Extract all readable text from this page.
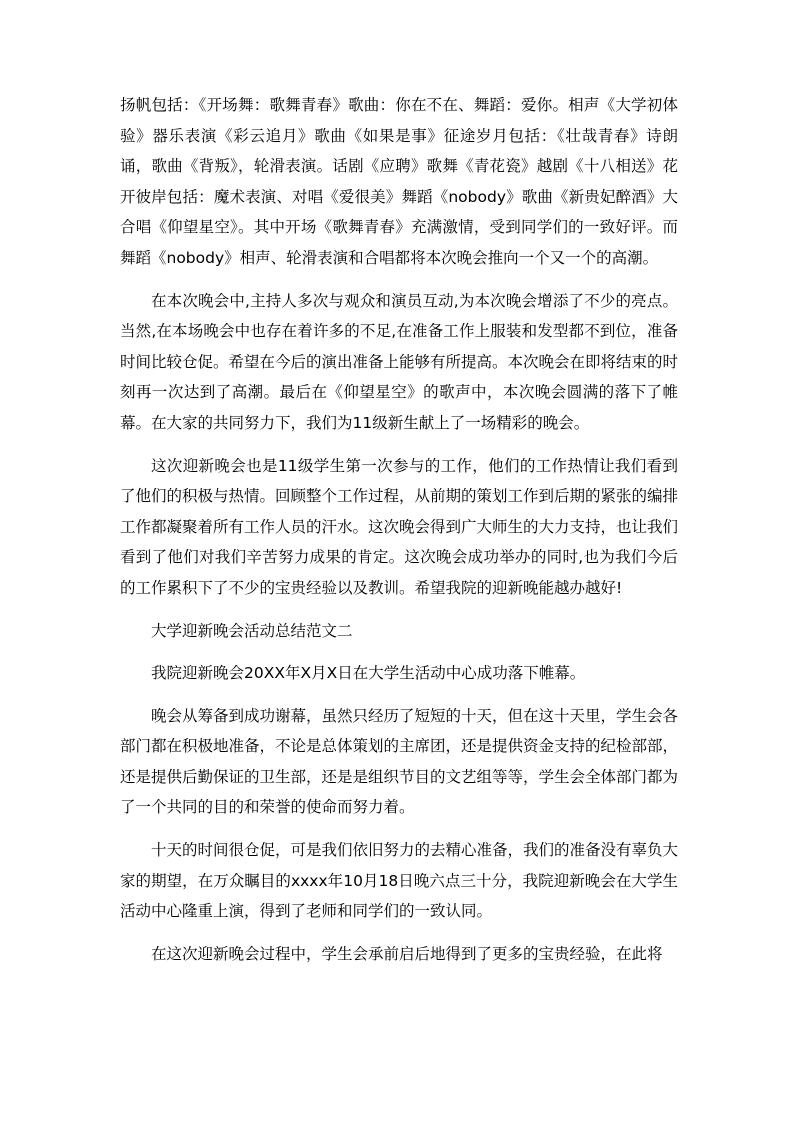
扬帆包括：《开场舞：歌舞青春》歌曲：你在不在、舞蹈：爱你。相声《大学初体验》器乐表演《彩云追月》歌曲《如果是事》征途岁月包括：《壮哉青春》诗朗诵，歌曲《背叛》，轮滑表演。话剧《应聘》歌舞《青花瓷》越剧《十八相送》花开彼岸包括：魔术表演、对唱《爱很美》舞蹈《nobody》歌曲《新贵妃醉酒》大合唱《仰望星空》。其中开场《歌舞青春》充满激情，受到同学们的一致好评。而舞蹈《nobody》相声、轮滑表演和合唱都将本次晚会推向一个又一个的高潮。

在本次晚会中,主持人多次与观众和演员互动,为本次晚会增添了不少的亮点。当然,在本场晚会中也存在着许多的不足,在准备工作上服装和发型都不到位，准备时间比较仓促。希望在今后的演出准备上能够有所提高。本次晚会在即将结束的时刻再一次达到了高潮。最后在《仰望星空》的歌声中，本次晚会圆满的落下了帷幕。在大家的共同努力下，我们为11级新生献上了一场精彩的晚会。

这次迎新晚会也是11级学生第一次参与的工作，他们的工作热情让我们看到了他们的积极与热情。回顾整个工作过程，从前期的策划工作到后期的紧张的编排工作都凝聚着所有工作人员的汗水。这次晚会得到广大师生的大力支持，也让我们看到了他们对我们辛苦努力成果的肯定。这次晚会成功举办的同时,也为我们今后的工作累积下了不少的宝贵经验以及教训。希望我院的迎新晚能越办越好!

大学迎新晚会活动总结范文二

我院迎新晚会20XX年X月X日在大学生活动中心成功落下帷幕。

晚会从筹备到成功谢幕，虽然只经历了短短的十天，但在这十天里，学生会各部门都在积极地准备，不论是总体策划的主席团，还是提供资金支持的纪检部部，还是提供后勤保证的卫生部，还是是组织节目的文艺组等等，学生会全体部门都为了一个共同的目的和荣誉的使命而努力着。

十天的时间很仓促，可是我们依旧努力的去精心准备，我们的准备没有辜负大家的期望，在万众瞩目的xxxx年10月18日晚六点三十分，我院迎新晚会在大学生活动中心隆重上演，得到了老师和同学们的一致认同。

在这次迎新晚会过程中，学生会承前启后地得到了更多的宝贵经验，在此将
